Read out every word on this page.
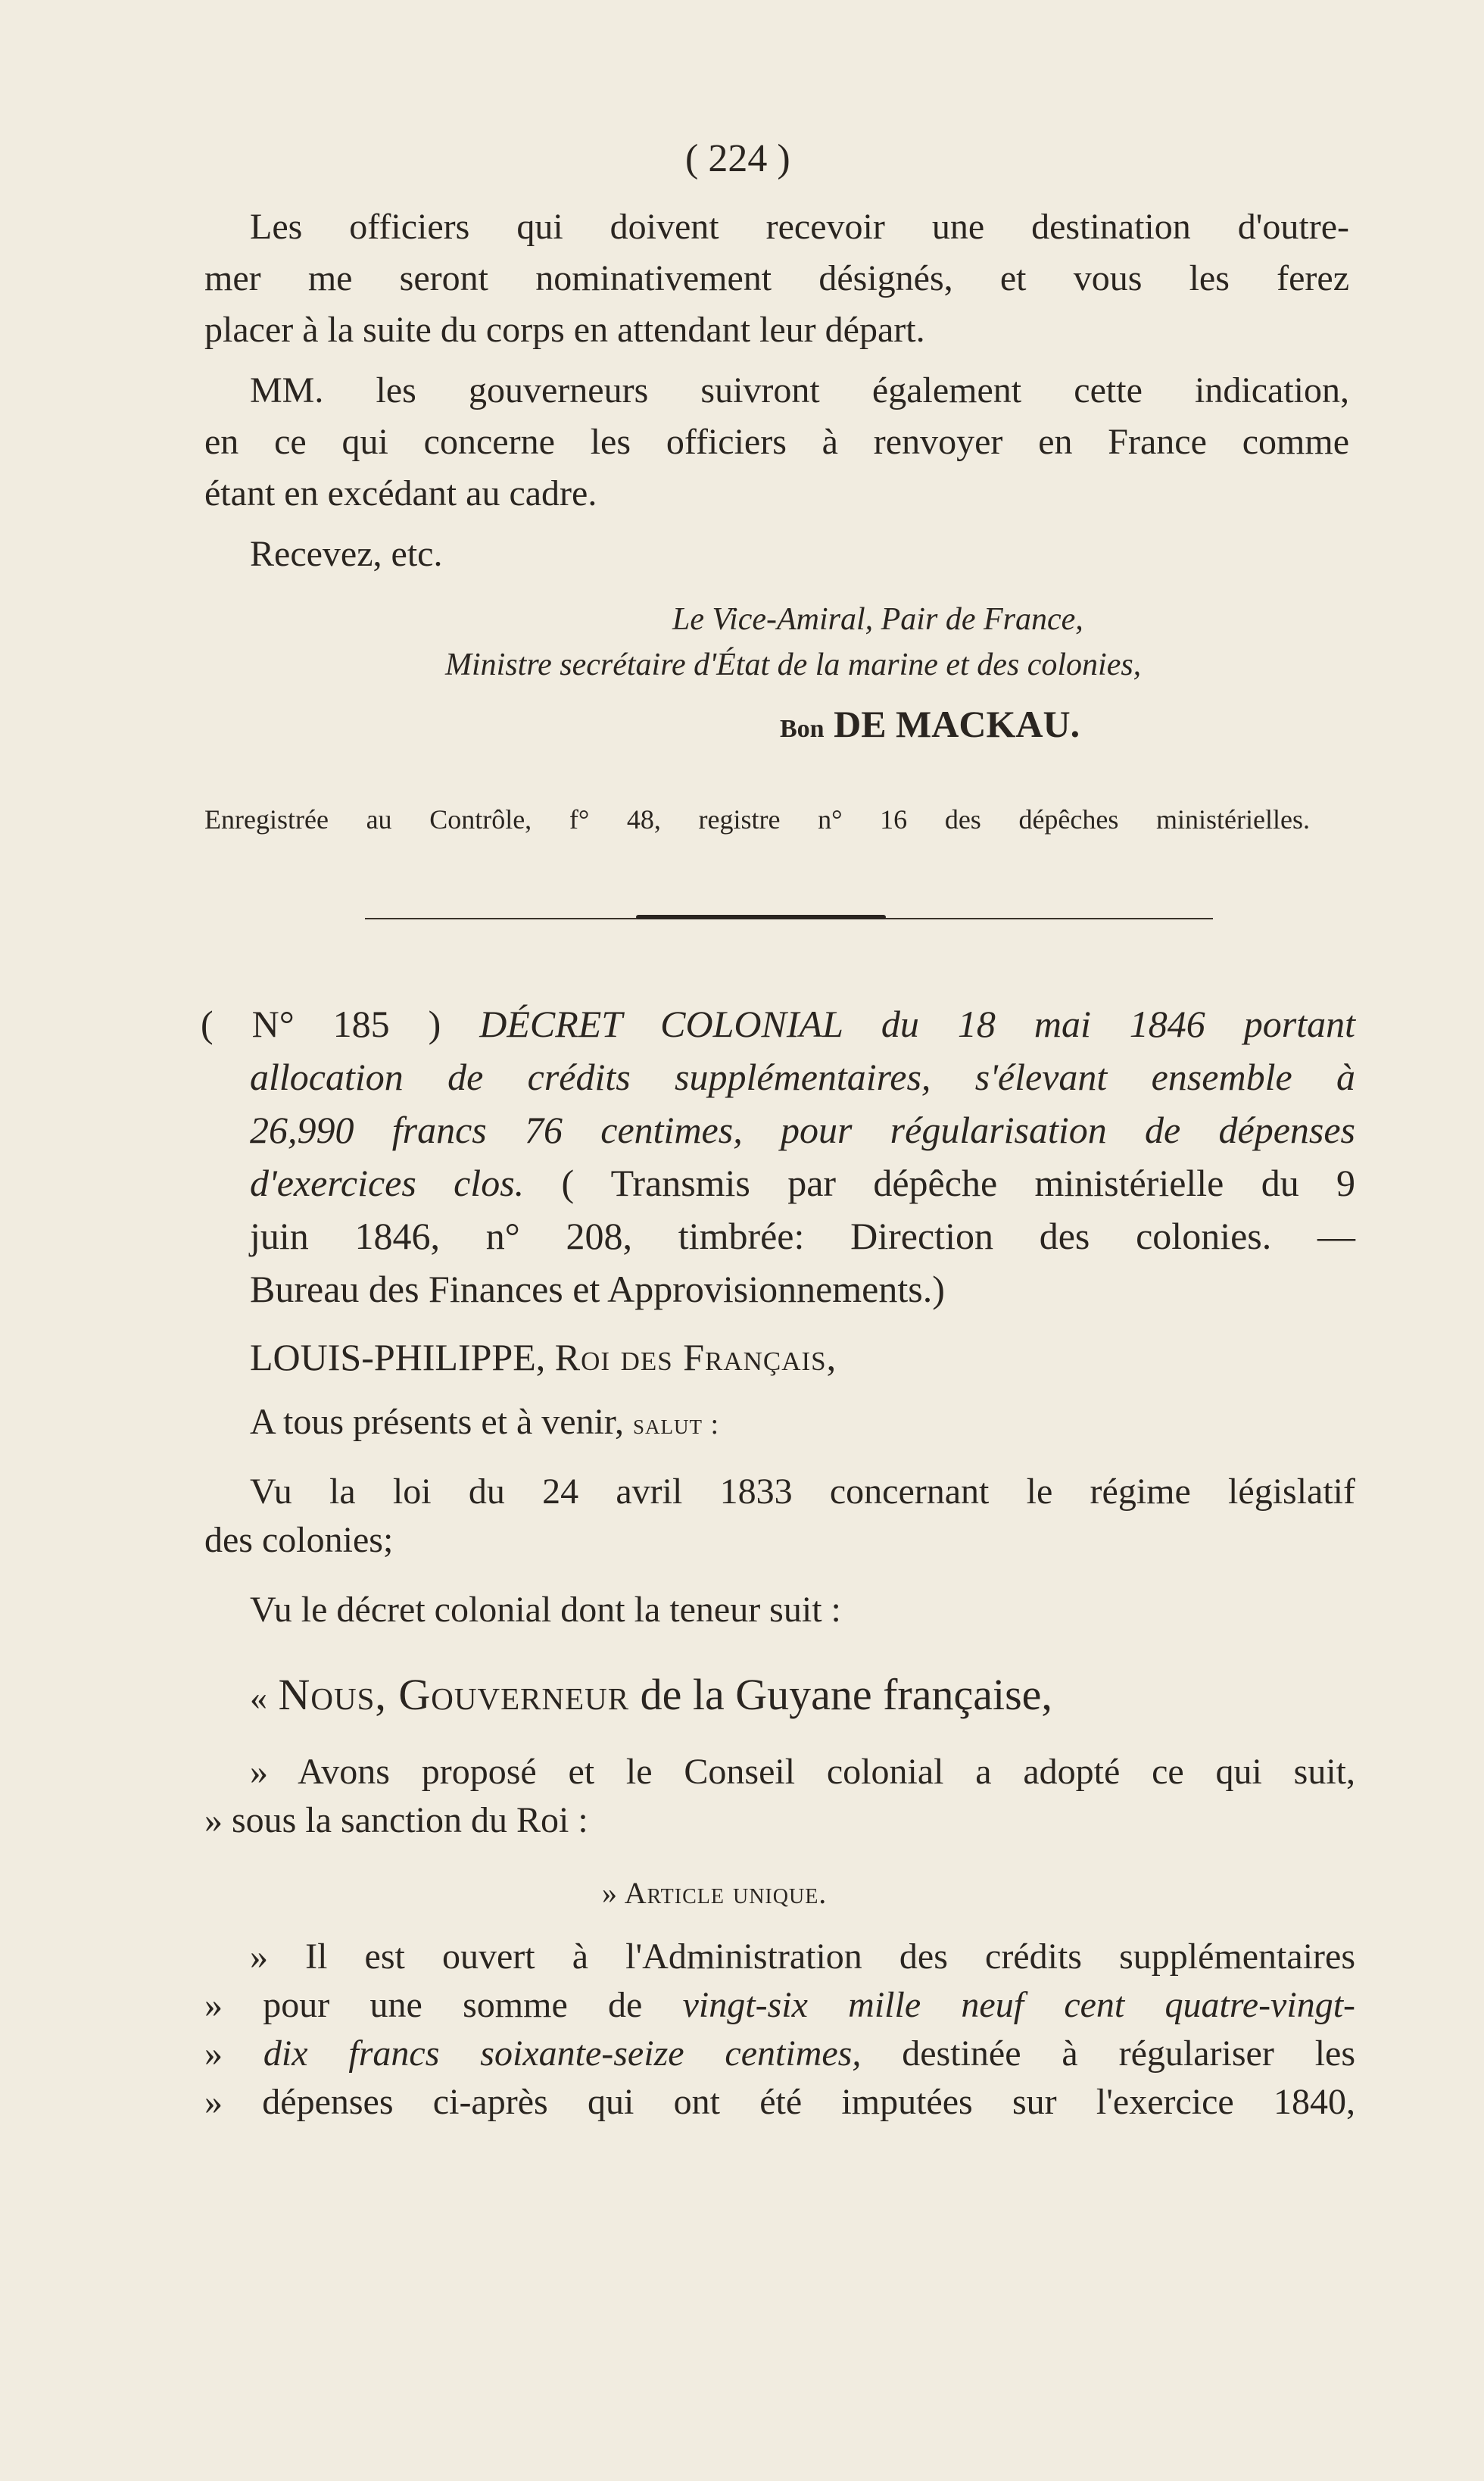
( 224 )
Les officiers qui doivent recevoir une destination d'outre-
mer me seront nominativement désignés, et vous les ferez
placer à la suite du corps en attendant leur départ.
MM. les gouverneurs suivront également cette indication,
en ce qui concerne les officiers à renvoyer en France comme
étant en excédant au cadre.
Recevez, etc.
Le Vice-Amiral, Pair de France,
Ministre secrétaire d'État de la marine et des colonies,
Bon DE MACKAU.
Enregistrée au Contrôle, f° 48, registre n° 16 des dépêches ministérielles.
( N° 185 ) DÉCRET COLONIAL du 18 mai 1846 portant
allocation de crédits supplémentaires, s'élevant ensemble à
26,990 francs 76 centimes, pour régularisation de dépenses
d'exercices clos. ( Transmis par dépêche ministérielle du 9
juin 1846, n° 208, timbrée: Direction des colonies. —
Bureau des Finances et Approvisionnements.)
LOUIS-PHILIPPE, Roi des Français,
A tous présents et à venir, salut :
Vu la loi du 24 avril 1833 concernant le régime législatif
des colonies;
Vu le décret colonial dont la teneur suit :
« Nous, Gouverneur de la Guyane française,
» Avons proposé et le Conseil colonial a adopté ce qui suit,
» sous la sanction du Roi :
» Article unique.
» Il est ouvert à l'Administration des crédits supplémentaires
» pour une somme de vingt-six mille neuf cent quatre-vingt-
» dix francs soixante-seize centimes, destinée à régulariser les
» dépenses ci-après qui ont été imputées sur l'exercice 1840,
